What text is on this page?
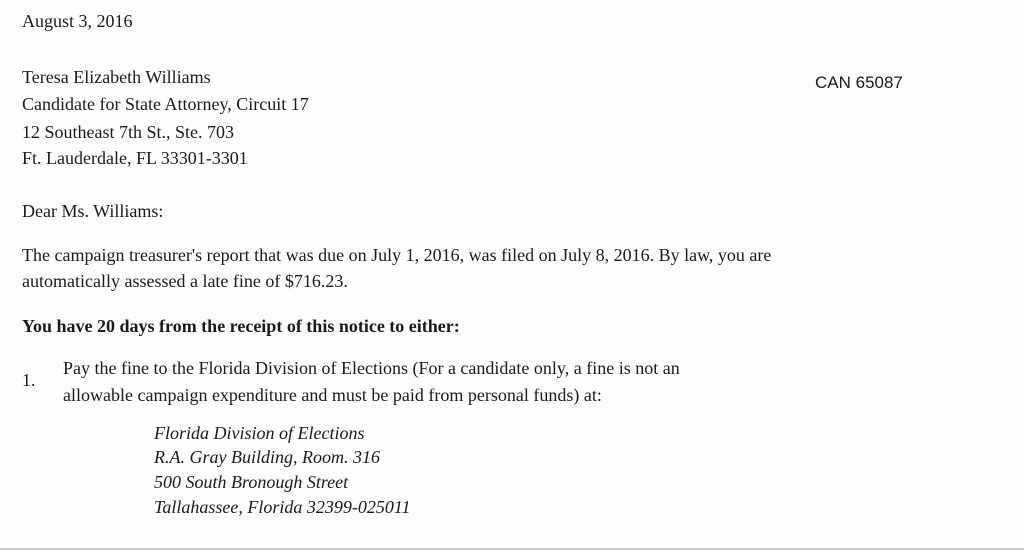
August 3, 2016
Teresa Elizabeth Williams
Candidate for State Attorney, Circuit 17
12 Southeast 7th St., Ste. 703
Ft. Lauderdale, FL 33301-3301
CAN 65087
Dear Ms. Williams:
The campaign treasurer's report that was due on July 1, 2016, was filed on July 8, 2016. By law, you are
automatically assessed a late fine of $716.23.
You have 20 days from the receipt of this notice to either:
1.
Pay the fine to the Florida Division of Elections (For a candidate only, a fine is not an
allowable campaign expenditure and must be paid from personal funds) at:
Florida Division of Elections
R.A. Gray Building, Room. 316
500 South Bronough Street
Tallahassee, Florida 32399-025011
